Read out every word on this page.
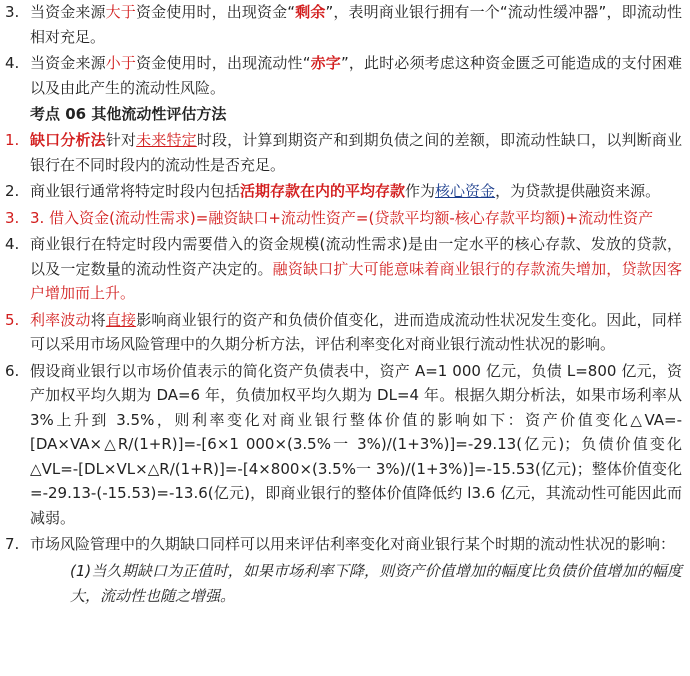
3. 当资金来源大于资金使用时，出现资金“剩余”，表明商业银行拥有一个“流动性缓冲器”，即流动性相对充足。
4. 当资金来源小于资金使用时，出现流动性“赤字”，此时必须考虑这种资金匮乏可能造成的支付困难以及由此产生的流动性风险。
考点 06 其他流动性评估方法
1. 缺口分析法针对未来特定时段，计算到期资产和到期负债之间的差额，即流动性缺口，以判断商业银行在不同时段内的流动性是否充足。
2. 商业银行通常将特定时段内包括活期存款在内的平均存款作为核心资金，为贷款提供融资来源。
3. 3. 借入资金(流动性需求)=融资缺口+流动性资产=(贷款平均额-核心存款平均额)+流动性资产
4. 商业银行在特定时段内需要借入的资金规模(流动性需求)是由一定水平的核心存款、发放的贷款，以及一定数量的流动性资产决定的。融资缺口扩大可能意味着商业银行的存款流失增加，贷款因客户增加而上升。
5. 利率波动将直接影响商业银行的资产和负债价值变化，进而造成流动性状况发生变化。因此，同样可以采用市场风险管理中的久期分析方法，评估利率变化对商业银行流动性状况的影响。
6. 假设商业银行以市场价值表示的简化资产负债表中，资产 A=1 000 亿元，负债 L=800 亿元，资产加权平均久期为 DA=6 年，负债加权平均久期为 DL=4 年。根据久期分析法，如果市场利率从 3%上升到 3.5%，则利率变化对商业银行整体价值的影响如下：资产价值变化△VA=-[DA×VA×△R/(1+R)]=-[6×1 000×(3.5%一 3%)/(1+3%)]=-29.13(亿元)；负债价值变化△VL=-[DL×VL×△R/(1+R)]=-[4×800×(3.5%一 3%)/(1+3%)]=-15.53(亿元)；整体价值变化=-29.13-(-15.53)=-13.6(亿元)，即商业银行的整体价值降低约 l3.6 亿元，其流动性可能因此而减弱。
7. 市场风险管理中的久期缺口同样可以用来评估利率变化对商业银行某个时期的流动性状况的影响：
(1)当久期缺口为正值时，如果市场利率下降，则资产价值增加的幅度比负债价值增加的幅度大，流动性也随之增强。
